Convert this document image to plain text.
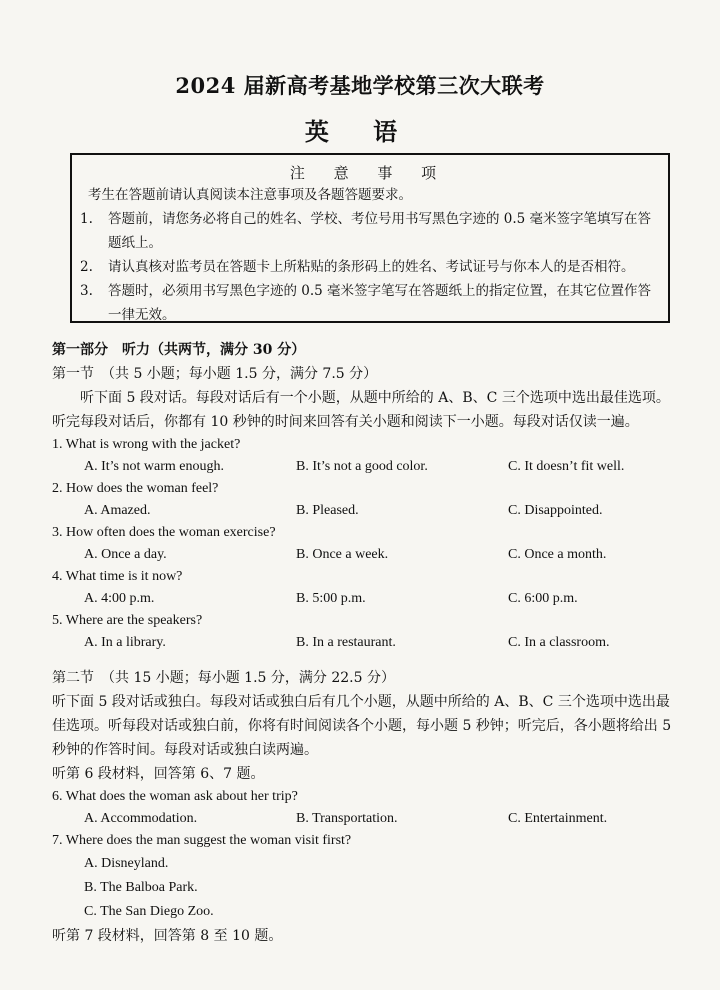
2024 届新高考基地学校第三次大联考
英 语
注 意 事 项
考生在答题前请认真阅读本注意事项及各题答题要求。
1.	答题前，请您务必将自己的姓名、学校、考位号用书写黑色字迹的 0.5 毫米签字笔填写在答题纸上。
2.	请认真核对监考员在答题卡上所粘贴的条形码上的姓名、考试证号与你本人的是否相符。
3.	答题时，必须用书写黑色字迹的 0.5 毫米签字笔写在答题纸上的指定位置，在其它位置作答一律无效。
第一部分　听力（共两节，满分 30 分）
第一节　（共 5 小题；每小题 1.5 分，满分 7.5 分）
听下面 5 段对话。每段对话后有一个小题，从题中所给的 A、B、C 三个选项中选出最佳选项。听完每段对话后，你都有 10 秒钟的时间来回答有关小题和阅读下一小题。每段对话仅读一遍。
1. What is wrong with the jacket?
A. It’s not warm enough.	B. It’s not a good color.	C. It doesn’t fit well.
2. How does the woman feel?
A. Amazed.	B. Pleased.	C. Disappointed.
3. How often does the woman exercise?
A. Once a day.	B. Once a week.	C. Once a month.
4. What time is it now?
A. 4:00 p.m.	B. 5:00 p.m.	C. 6:00 p.m.
5. Where are the speakers?
A. In a library.	B. In a restaurant.	C. In a classroom.
第二节　（共 15 小题；每小题 1.5 分，满分 22.5 分）
听下面 5 段对话或独白。每段对话或独白后有几个小题，从题中所给的 A、B、C 三个选项中选出最佳选项。听每段对话或独白前，你将有时间阅读各个小题，每小题 5 秒钟；听完后，各小题将给出 5 秒钟的作答时间。每段对话或独白读两遍。
听第 6 段材料，回答第 6、7 题。
6. What does the woman ask about her trip?
A. Accommodation.	B. Transportation.	C. Entertainment.
7. Where does the man suggest the woman visit first?
A. Disneyland.
B. The Balboa Park.
C. The San Diego Zoo.
听第 7 段材料，回答第 8 至 10 题。
